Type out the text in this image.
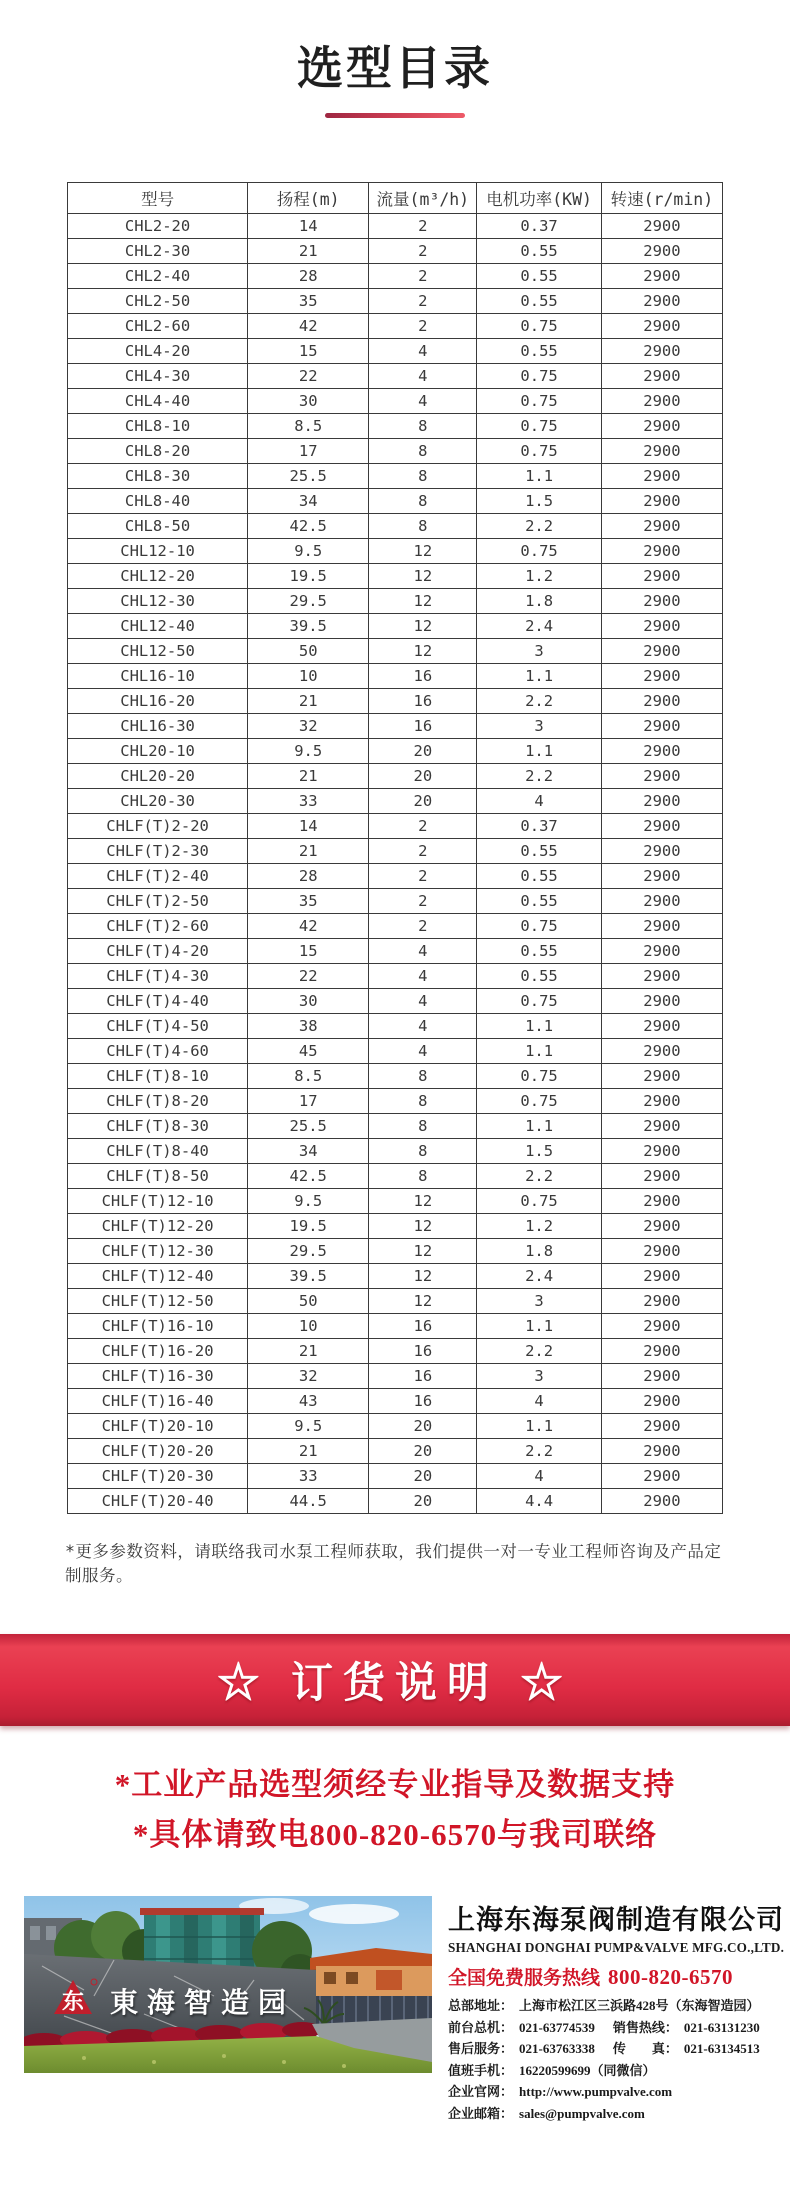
选型目录
型号	扬程(m)	流量(m³/h)	电机功率(KW)	转速(r/min)
CHL2-20	14	2	0.37	2900
CHL2-30	21	2	0.55	2900
CHL2-40	28	2	0.55	2900
CHL2-50	35	2	0.55	2900
CHL2-60	42	2	0.75	2900
CHL4-20	15	4	0.55	2900
CHL4-30	22	4	0.75	2900
CHL4-40	30	4	0.75	2900
CHL8-10	8.5	8	0.75	2900
CHL8-20	17	8	0.75	2900
CHL8-30	25.5	8	1.1	2900
CHL8-40	34	8	1.5	2900
CHL8-50	42.5	8	2.2	2900
CHL12-10	9.5	12	0.75	2900
CHL12-20	19.5	12	1.2	2900
CHL12-30	29.5	12	1.8	2900
CHL12-40	39.5	12	2.4	2900
CHL12-50	50	12	3	2900
CHL16-10	10	16	1.1	2900
CHL16-20	21	16	2.2	2900
CHL16-30	32	16	3	2900
CHL20-10	9.5	20	1.1	2900
CHL20-20	21	20	2.2	2900
CHL20-30	33	20	4	2900
CHLF(T)2-20	14	2	0.37	2900
CHLF(T)2-30	21	2	0.55	2900
CHLF(T)2-40	28	2	0.55	2900
CHLF(T)2-50	35	2	0.55	2900
CHLF(T)2-60	42	2	0.75	2900
CHLF(T)4-20	15	4	0.55	2900
CHLF(T)4-30	22	4	0.55	2900
CHLF(T)4-40	30	4	0.75	2900
CHLF(T)4-50	38	4	1.1	2900
CHLF(T)4-60	45	4	1.1	2900
CHLF(T)8-10	8.5	8	0.75	2900
CHLF(T)8-20	17	8	0.75	2900
CHLF(T)8-30	25.5	8	1.1	2900
CHLF(T)8-40	34	8	1.5	2900
CHLF(T)8-50	42.5	8	2.2	2900
CHLF(T)12-10	9.5	12	0.75	2900
CHLF(T)12-20	19.5	12	1.2	2900
CHLF(T)12-30	29.5	12	1.8	2900
CHLF(T)12-40	39.5	12	2.4	2900
CHLF(T)12-50	50	12	3	2900
CHLF(T)16-10	10	16	1.1	2900
CHLF(T)16-20	21	16	2.2	2900
CHLF(T)16-30	32	16	3	2900
CHLF(T)16-40	43	16	4	2900
CHLF(T)20-10	9.5	20	1.1	2900
CHLF(T)20-20	21	20	2.2	2900
CHLF(T)20-30	33	20	4	2900
CHLF(T)20-40	44.5	20	4.4	2900

*更多参数资料，请联络我司水泵工程师获取，我们提供一对一专业工程师咨询及产品定制服务。

☆ 订货说明 ☆
*工业产品选型须经专业指导及数据支持
*具体请致电800-820-6570与我司联络
东 東海智造园
上海东海泵阀制造有限公司
SHANGHAI DONGHAI PUMP&VALVE MFG.CO.,LTD.
全国免费服务热线 800-820-6570
总部地址： 上海市松江区三浜路428号（东海智造园）
前台总机： 021-63774539 销售热线： 021-63131230
售后服务： 021-63763338 传　　真： 021-63134513
值班手机： 16220599699（同微信）
企业官网： http://www.pumpvalve.com
企业邮箱： sales@pumpvalve.com
